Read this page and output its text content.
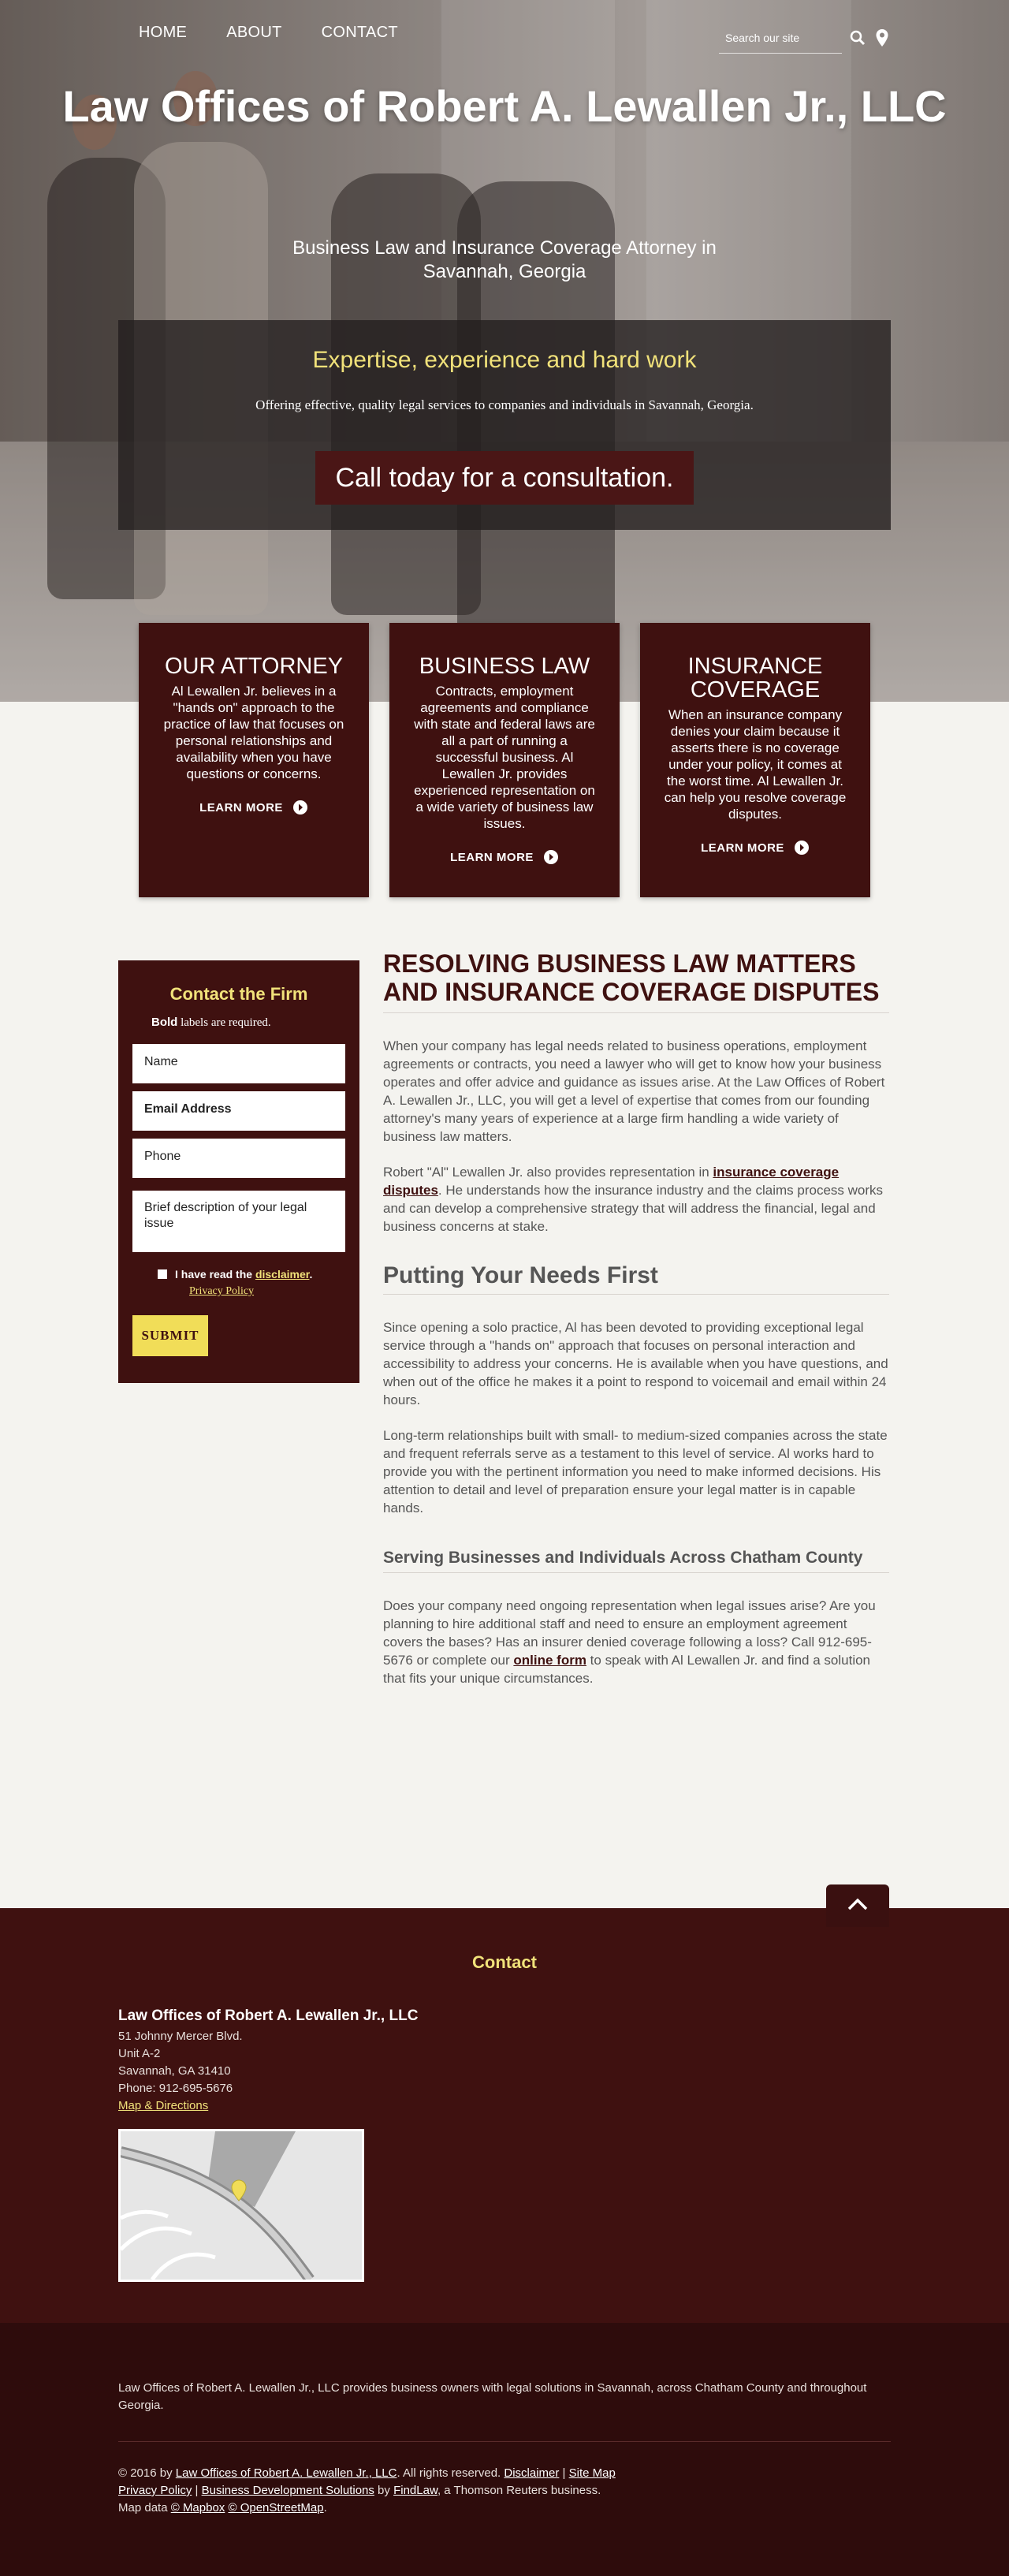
HOME	ABOUT	CONTACT	Search our site
Law Offices of Robert A. Lewallen Jr., LLC
Business Law and Insurance Coverage Attorney in Savannah, Georgia
Expertise, experience and hard work
Offering effective, quality legal services to companies and individuals in Savannah, Georgia.
Call today for a consultation.
OUR ATTORNEY

Al Lewallen Jr. believes in a "hands on" approach to the practice of law that focuses on personal relationships and availability when you have questions or concerns.

LEARN MORE
BUSINESS LAW

Contracts, employment agreements and compliance with state and federal laws are all a part of running a successful business. Al Lewallen Jr. provides experienced representation on a wide variety of business law issues.

LEARN MORE
INSURANCE COVERAGE

When an insurance company denies your claim because it asserts there is no coverage under your policy, it comes at the worst time. Al Lewallen Jr. can help you resolve coverage disputes.

LEARN MORE
Contact the Firm
Bold labels are required.
Name
Email Address
Phone
Brief description of your legal issue
I have read the disclaimer.
Privacy Policy
SUBMIT
RESOLVING BUSINESS LAW MATTERS AND INSURANCE COVERAGE DISPUTES

When your company has legal needs related to business operations, employment agreements or contracts, you need a lawyer who will get to know how your business operates and offer advice and guidance as issues arise. At the Law Offices of Robert A. Lewallen Jr., LLC, you will get a level of expertise that comes from our founding attorney's many years of experience at a large firm handling a wide variety of business law matters.

Robert "Al" Lewallen Jr. also provides representation in insurance coverage disputes. He understands how the insurance industry and the claims process works and can develop a comprehensive strategy that will address the financial, legal and business concerns at stake.

Putting Your Needs First

Since opening a solo practice, Al has been devoted to providing exceptional legal service through a "hands on" approach that focuses on personal interaction and accessibility to address your concerns. He is available when you have questions, and when out of the office he makes it a point to respond to voicemail and email within 24 hours.

Long-term relationships built with small- to medium-sized companies across the state and frequent referrals serve as a testament to this level of service. Al works hard to provide you with the pertinent information you need to make informed decisions. His attention to detail and level of preparation ensure your legal matter is in capable hands.

Serving Businesses and Individuals Across Chatham County

Does your company need ongoing representation when legal issues arise? Are you planning to hire additional staff and need to ensure an employment agreement covers the bases? Has an insurer denied coverage following a loss? Call 912-695-5676 or complete our online form to speak with Al Lewallen Jr. and find a solution that fits your unique circumstances.

Contact
Law Offices of Robert A. Lewallen Jr., LLC
51 Johnny Mercer Blvd.
Unit A-2
Savannah, GA 31410
Phone: 912-695-5676
Map & Directions
Law Offices of Robert A. Lewallen Jr., LLC provides business owners with legal solutions in Savannah, across Chatham County and throughout Georgia.
© 2016 by Law Offices of Robert A. Lewallen Jr., LLC. All rights reserved. Disclaimer | Site Map
Privacy Policy | Business Development Solutions by FindLaw, a Thomson Reuters business.
Map data © Mapbox © OpenStreetMap.
